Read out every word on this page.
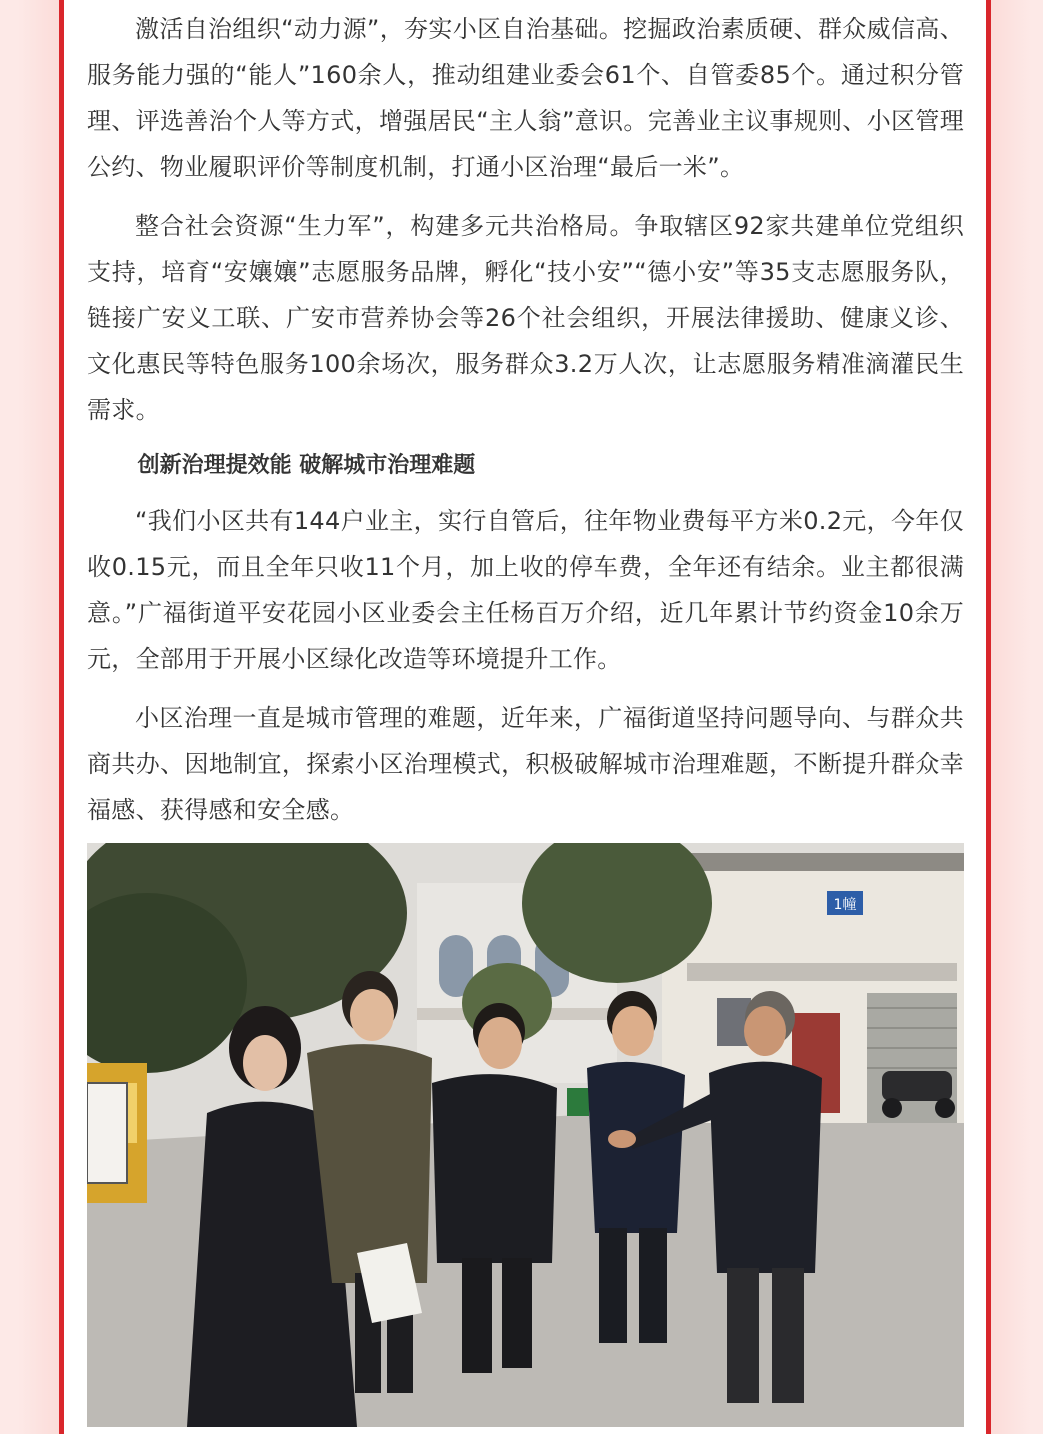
激活自治组织“动力源”，夯实小区自治基础。挖掘政治素质硬、群众威信高、服务能力强的“能人”160余人，推动组建业委会61个、自管委85个。通过积分管理、评选善治个人等方式，增强居民“主人翁”意识。完善业主议事规则、小区管理公约、物业履职评价等制度机制，打通小区治理“最后一米”。

整合社会资源“生力军”，构建多元共治格局。争取辖区92家共建单位党组织支持，培育“安孃孃”志愿服务品牌，孵化“技小安”“德小安”等35支志愿服务队，链接广安义工联、广安市营养协会等26个社会组织，开展法律援助、健康义诊、文化惠民等特色服务100余场次，服务群众3.2万人次，让志愿服务精准滴灌民生需求。

创新治理提效能 破解城市治理难题

“我们小区共有144户业主，实行自管后，往年物业费每平方米0.2元，今年仅收0.15元，而且全年只收11个月，加上收的停车费，全年还有结余。业主都很满意。”广福街道平安花园小区业委会主任杨百万介绍，近几年累计节约资金10余万元，全部用于开展小区绿化改造等环境提升工作。

小区治理一直是城市管理的难题，近年来，广福街道坚持问题导向、与群众共商共办、因地制宜，探索小区治理模式，积极破解城市治理难题，不断提升群众幸福感、获得感和安全感。

1幢
